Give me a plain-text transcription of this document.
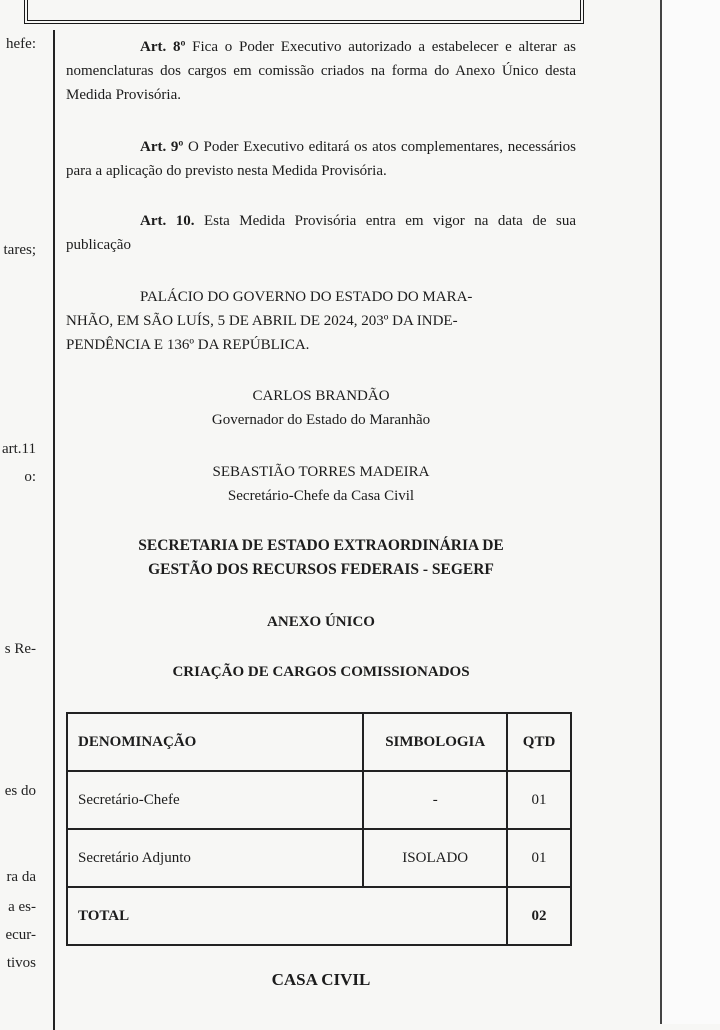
hefe:
tares;
art.11
o:
s Re-
es do
ra da
a es-
ecur-
tivos
Art. 8º Fica o Poder Executivo autorizado a estabelecer e alterar as nomenclaturas dos cargos em comissão criados na forma do Anexo Único desta Medida Provisória.
Art. 9º O Poder Executivo editará os atos complementares, necessários para a aplicação do previsto nesta Medida Provisória.
Art. 10. Esta Medida Provisória entra em vigor na data de sua publicação
PALÁCIO DO GOVERNO DO ESTADO DO MARA-
NHÃO, EM SÃO LUÍS, 5 DE ABRIL DE 2024, 203º DA INDE-
PENDÊNCIA E 136º DA REPÚBLICA.
CARLOS BRANDÃO
Governador do Estado do Maranhão
SEBASTIÃO TORRES MADEIRA
Secretário-Chefe da Casa Civil
SECRETARIA DE ESTADO EXTRAORDINÁRIA DE
GESTÃO DOS RECURSOS FEDERAIS - SEGERF
ANEXO ÚNICO
CRIAÇÃO DE CARGOS COMISSIONADOS
CASA CIVIL
DENOMINAÇÃO	SIMBOLOGIA	QTD
Secretário-Chefe	-	01
Secretário Adjunto	ISOLADO	01
TOTAL		02
